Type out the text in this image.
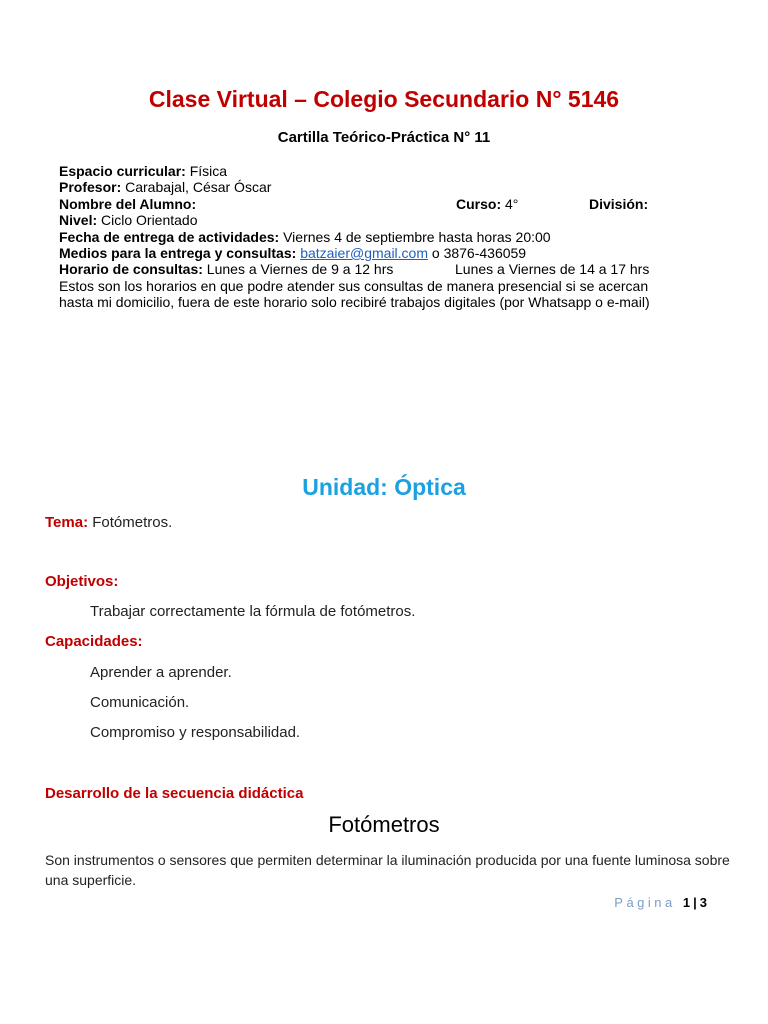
Clase Virtual – Colegio Secundario N° 5146
Cartilla Teórico-Práctica N° 11
Espacio curricular: Física
Profesor: Carabajal, César Óscar
Nombre del Alumno:	Curso: 4°	División:
Nivel: Ciclo Orientado
Fecha de entrega de actividades: Viernes 4 de septiembre hasta horas 20:00
Medios para la entrega y consultas: batzaier@gmail.com o 3876-436059
Horario de consultas: Lunes a Viernes de 9 a 12 hrs	Lunes a Viernes de 14 a 17 hrs
Estos son los horarios en que podre atender sus consultas de manera presencial si se acercan
hasta mi domicilio, fuera de este horario solo recibiré trabajos digitales (por Whatsapp o e-mail)
Unidad: Óptica
Tema: Fotómetros.
Objetivos:
Trabajar correctamente la fórmula de fotómetros.
Capacidades:
Aprender a aprender.
Comunicación.
Compromiso y responsabilidad.
Desarrollo de la secuencia didáctica
Fotómetros
Son instrumentos o sensores que permiten determinar la iluminación producida por una fuente luminosa sobre una superficie.
Página 1 | 3
